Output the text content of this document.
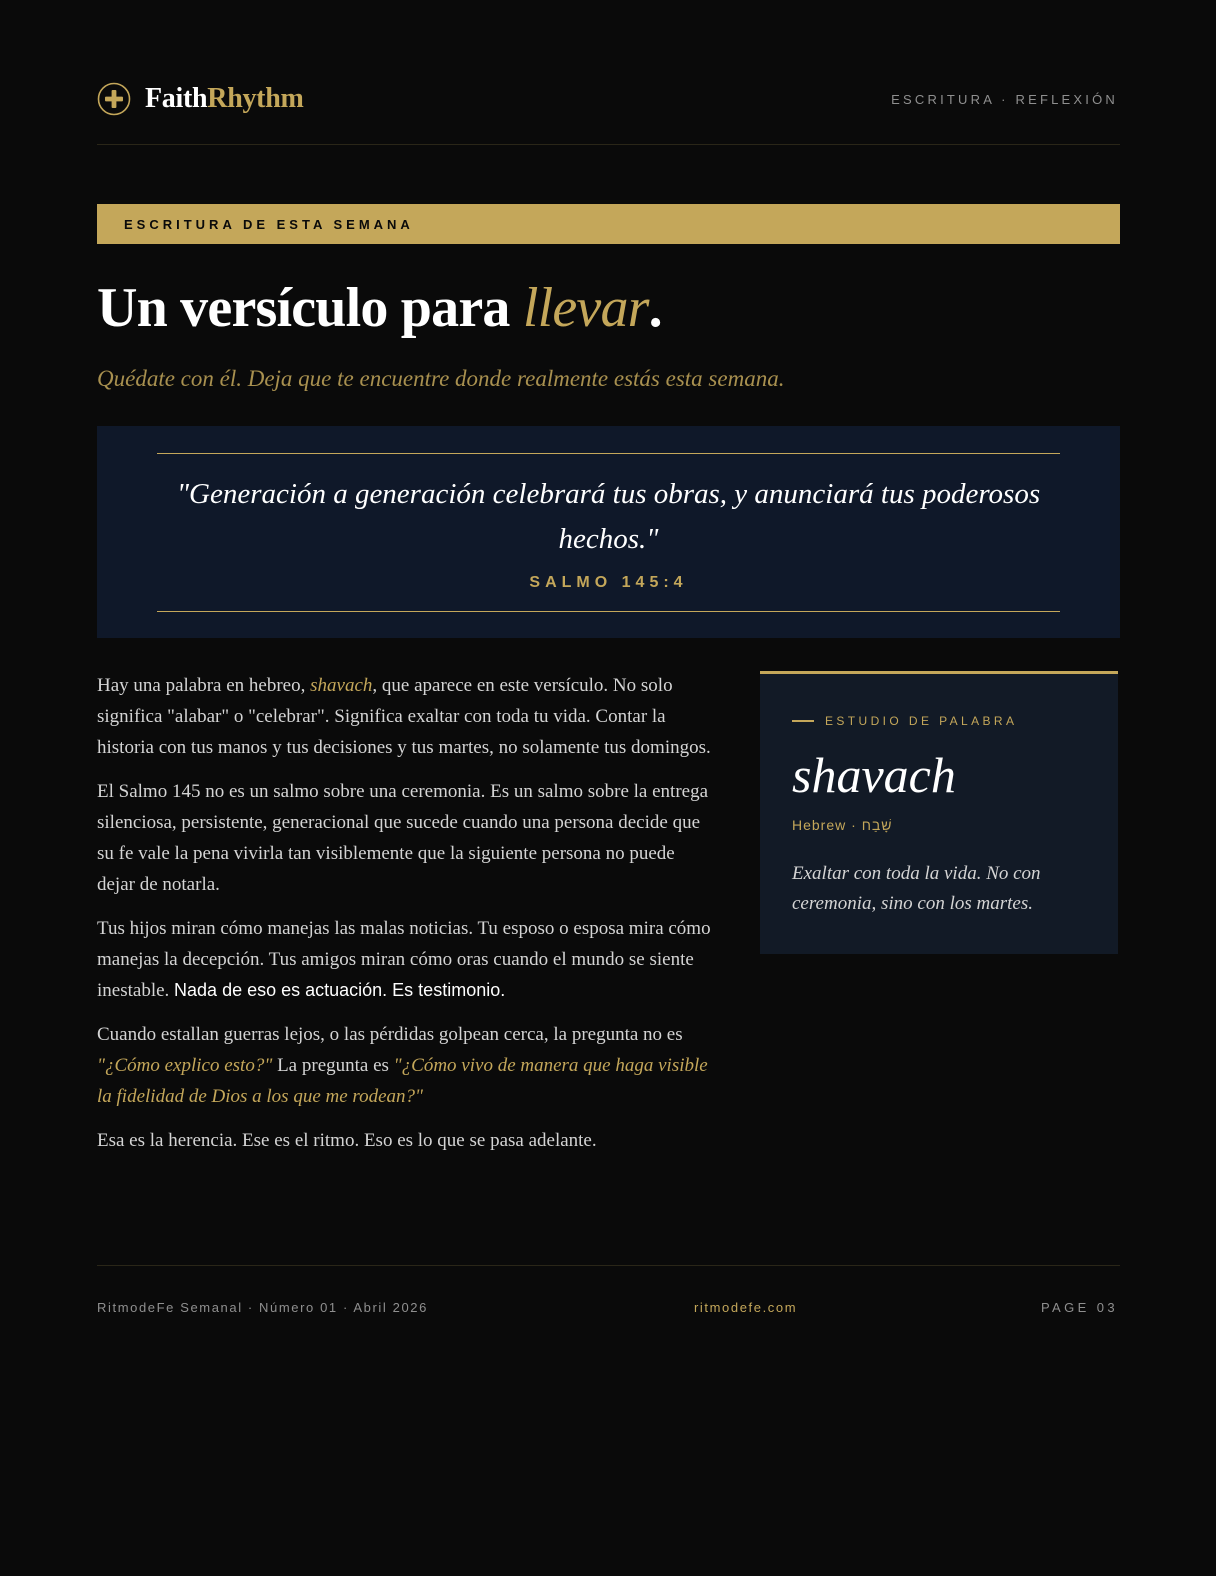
FaithRhythm	ESCRITURA · REFLEXIÓN
ESCRITURA DE ESTA SEMANA
Un versículo para llevar.
Quédate con él. Deja que te encuentre donde realmente estás esta semana.

"Generación a generación celebrará tus obras, y anunciará tus poderosos hechos."

SALMO 145:4

Hay una palabra en hebreo, shavach, que aparece en este versículo. No solo significa "alabar" o "celebrar". Significa exaltar con toda tu vida. Contar la historia con tus manos y tus decisiones y tus martes, no solamente tus domingos.

El Salmo 145 no es un salmo sobre una ceremonia. Es un salmo sobre la entrega silenciosa, persistente, generacional que sucede cuando una persona decide que su fe vale la pena vivirla tan visiblemente que la siguiente persona no puede dejar de notarla.

Tus hijos miran cómo manejas las malas noticias. Tu esposo o esposa mira cómo manejas la decepción. Tus amigos miran cómo oras cuando el mundo se siente inestable. Nada de eso es actuación. Es testimonio.

Cuando estallan guerras lejos, o las pérdidas golpean cerca, la pregunta no es "¿Cómo explico esto?" La pregunta es "¿Cómo vivo de manera que haga visible la fidelidad de Dios a los que me rodean?"

Esa es la herencia. Ese es el ritmo. Eso es lo que se pasa adelante.

ESTUDIO DE PALABRA
shavach
Hebrew · שָׁבַח
Exaltar con toda la vida. No con ceremonia, sino con los martes.
RitmodeFe Semanal · Número 01 · Abril 2026	ritmodefe.com	PAGE 03
